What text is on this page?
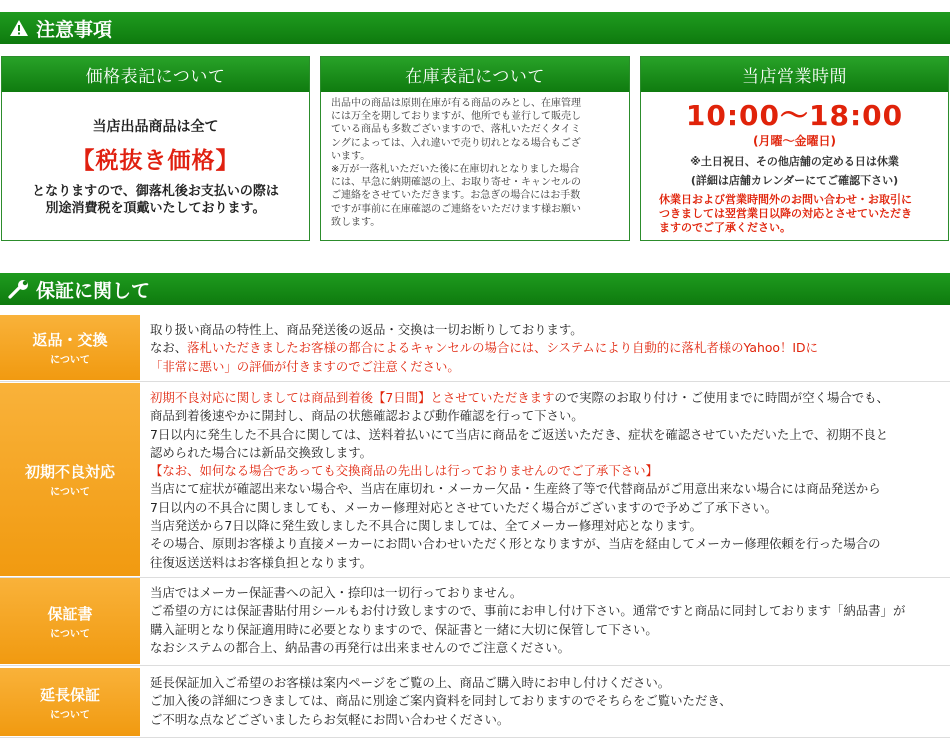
注意事項
価格表記について
当店出品商品は全て
【税抜き価格】
となりますので、御落札後お支払いの際は
別途消費税を頂戴いたしております。
在庫表記について

出品中の商品は原則在庫が有る商品のみとし、在庫管理

には万全を期しておりますが、他所でも並行して販売し

ている商品も多数ございますので、落札いただくタイミ

ングによっては、入れ違いで売り切れとなる場合もござ

います。

※万が一落札いただいた後に在庫切れとなりました場合

には、早急に納期確認の上、お取り寄せ・キャンセルの

ご連絡をさせていただきます。お急ぎの場合にはお手数

ですが事前に在庫確認のご連絡をいただけます様お願い

致します。

当店営業時間
10:00〜18:00
(月曜〜金曜日)
※土日祝日、その他店舗の定める日は休業
(詳細は店舗カレンダーにてご確認下さい)
休業日および営業時間外のお問い合わせ・お取引に
つきましては翌営業日以降の対応とさせていただき
ますのでご了承ください。
保証に関して
返品・交換
について

取り扱い商品の特性上、商品発送後の返品・交換は一切お断りしております。

なお、落札いただきましたお客様の都合によるキャンセルの場合には、システムにより自動的に落札者様のYahoo！IDに

「非常に悪い」の評価が付きますのでご注意ください。

初期不良対応
について

初期不良対応に関しましては商品到着後【7日間】とさせていただきますので実際のお取り付け・ご使用までに時間が空く場合でも、

商品到着後速やかに開封し、商品の状態確認および動作確認を行って下さい。

7日以内に発生した不具合に関しては、送料着払いにて当店に商品をご返送いただき、症状を確認させていただいた上で、初期不良と

認められた場合には新品交換致します。

【なお、如何なる場合であっても交換商品の先出しは行っておりませんのでご了承下さい】

当店にて症状が確認出来ない場合や、当店在庫切れ・メーカー欠品・生産終了等で代替商品がご用意出来ない場合には商品発送から

7日以内の不具合に関しましても、メーカー修理対応とさせていただく場合がございますので予めご了承下さい。

当店発送から7日以降に発生致しました不具合に関しましては、全てメーカー修理対応となります。

その場合、原則お客様より直接メーカーにお問い合わせいただく形となりますが、当店を経由してメーカー修理依頼を行った場合の

往復返送送料はお客様負担となります。

保証書
について

当店ではメーカー保証書への記入・捺印は一切行っておりません。

ご希望の方には保証書貼付用シールもお付け致しますので、事前にお申し付け下さい。通常ですと商品に同封しております「納品書」が

購入証明となり保証適用時に必要となりますので、保証書と一緒に大切に保管して下さい。

なおシステムの都合上、納品書の再発行は出来ませんのでご注意ください。

延長保証
について

延長保証加入ご希望のお客様は案内ページをご覧の上、商品ご購入時にお申し付けください。

ご加入後の詳細につきましては、商品に別途ご案内資料を同封しておりますのでそちらをご覧いただき、

ご不明な点などございましたらお気軽にお問い合わせください。
